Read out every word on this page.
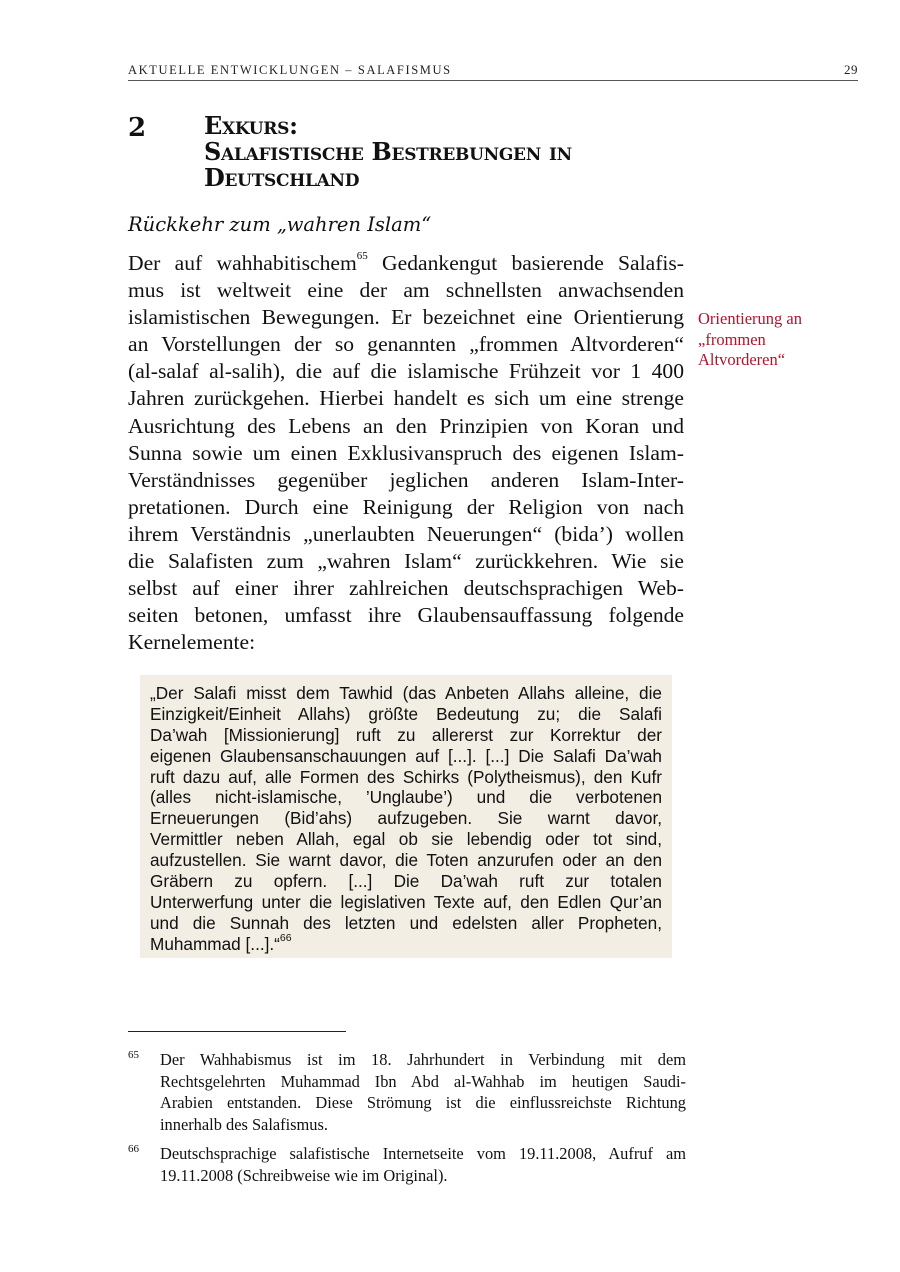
AKTUELLE ENTWICKLUNGEN – SALAFISMUS	29
2 Exkurs:
Salafistische Bestrebungen in
Deutschland
Rückkehr zum „wahren Islam“
Der auf wahhabitischem$^{65}$ Gedankengut basierende Salafis-
mus ist weltweit eine der am schnellsten anwachsenden
islamistischen Bewegungen. Er bezeichnet eine Orientierung
an Vorstellungen der so genannten „frommen Altvorderen“
(al-salaf al-salih), die auf die islamische Frühzeit vor 1 400
Jahren zurückgehen. Hierbei handelt es sich um eine strenge
Ausrichtung des Lebens an den Prinzipien von Koran und
Sunna sowie um einen Exklusivanspruch des eigenen Islam-
Verständnisses gegenüber jeglichen anderen Islam-Inter-
pretationen. Durch eine Reinigung der Religion von nach
ihrem Verständnis „unerlaubten Neuerungen“ (bida’) wollen
die Salafisten zum „wahren Islam“ zurückkehren. Wie sie
selbst auf einer ihrer zahlreichen deutschsprachigen Web-
seiten betonen, umfasst ihre Glaubensauffassung folgende
Kernelemente:
Orientierung an
„frommen
Altvorderen“
„Der Salafi misst dem Tawhid (das Anbeten Allahs alleine, die
Einzigkeit/Einheit Allahs) größte Bedeutung zu; die Salafi
Da’wah [Missionierung] ruft zu allererst zur Korrektur der
eigenen Glaubensanschauungen auf [...]. [...] Die Salafi Da’wah
ruft dazu auf, alle Formen des Schirks (Polytheismus), den Kufr
(alles nicht-islamische, ’Unglaube’) und die verbotenen
Erneuerungen (Bid’ahs) aufzugeben. Sie warnt davor,
Vermittler neben Allah, egal ob sie lebendig oder tot sind,
aufzustellen. Sie warnt davor, die Toten anzurufen oder an den
Gräbern zu opfern. [...] Die Da’wah ruft zur totalen
Unterwerfung unter die legislativen Texte auf, den Edlen Qur’an
und die Sunnah des letzten und edelsten aller Propheten,
Muhammad [...].“$^{66}$
65 Der Wahhabismus ist im 18. Jahrhundert in Verbindung mit dem
Rechtsgelehrten Muhammad Ibn Abd al-Wahhab im heutigen Saudi-
Arabien entstanden. Diese Strömung ist die einflussreichste Richtung
innerhalb des Salafismus.
66 Deutschsprachige salafistische Internetseite vom 19.11.2008, Aufruf am
19.11.2008 (Schreibweise wie im Original).
